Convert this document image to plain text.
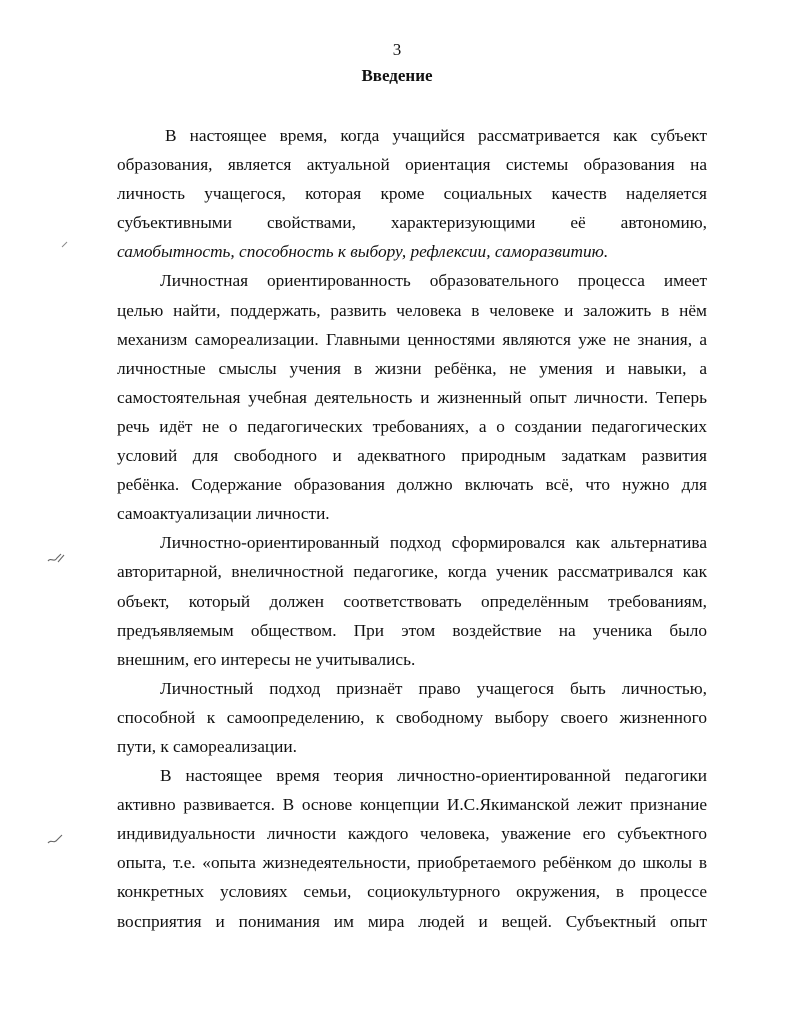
3
Введение

В настоящее время, когда учащийся рассматривается как субъект
образования, является актуальной ориентация системы образования на
личность учащегося, которая кроме социальных качеств наделяется
субъективными свойствами, характеризующими её автономию,
самобытность, способность к выбору, рефлексии, саморазвитию.

Личностная ориентированность образовательного процесса имеет
целью найти, поддержать, развить человека в человеке и заложить в нём
механизм самореализации. Главными ценностями являются уже не знания, а
личностные смыслы учения в жизни ребёнка, не умения и навыки, а
самостоятельная учебная деятельность и жизненный опыт личности. Теперь
речь идёт не о педагогических требованиях, а о создании педагогических
условий для свободного и адекватного природным задаткам развития
ребёнка. Содержание образования должно включать всё, что нужно для
самоактуализации личности.

Личностно-ориентированный подход сформировался как альтернатива
авторитарной, внеличностной педагогике, когда ученик рассматривался как
объект, который должен соответствовать определённым требованиям,
предъявляемым обществом. При этом воздействие на ученика было
внешним, его интересы не учитывались.

Личностный подход признаёт право учащегося быть личностью,
способной к самоопределению, к свободному выбору своего жизненного
пути, к самореализации.

В настоящее время теория личностно-ориентированной педагогики
активно развивается. В основе концепции И.С.Якиманской лежит признание
индивидуальности личности каждого человека, уважение его субъектного
опыта, т.е. «опыта жизнедеятельности, приобретаемого ребёнком до школы в
конкретных условиях семьи, социокультурного окружения, в процессе
восприятия и понимания им мира людей и вещей. Субъектный опыт
